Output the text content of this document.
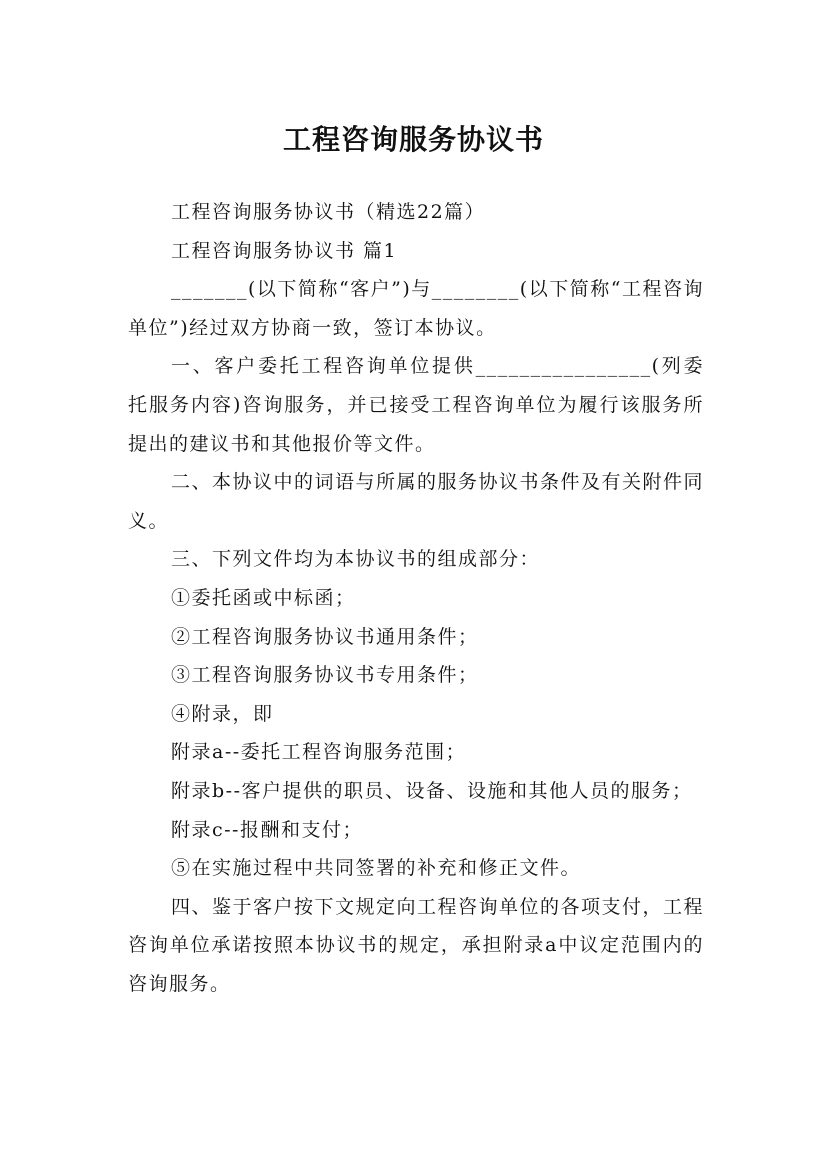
工程咨询服务协议书

工程咨询服务协议书（精选22篇）

工程咨询服务协议书 篇1

_______(以下简称“客户”)与________(以下简称“工程咨询单位”)经过双方协商一致，签订本协议。

一、客户委托工程咨询单位提供________________(列委托服务内容)咨询服务，并已接受工程咨询单位为履行该服务所提出的建议书和其他报价等文件。

二、本协议中的词语与所属的服务协议书条件及有关附件同义。

三、下列文件均为本协议书的组成部分：

①委托函或中标函；

②工程咨询服务协议书通用条件；

③工程咨询服务协议书专用条件；

④附录，即

附录a--委托工程咨询服务范围；

附录b--客户提供的职员、设备、设施和其他人员的服务；

附录c--报酬和支付；

⑤在实施过程中共同签署的补充和修正文件。

四、鉴于客户按下文规定向工程咨询单位的各项支付，工程咨询单位承诺按照本协议书的规定，承担附录a中议定范围内的咨询服务。
